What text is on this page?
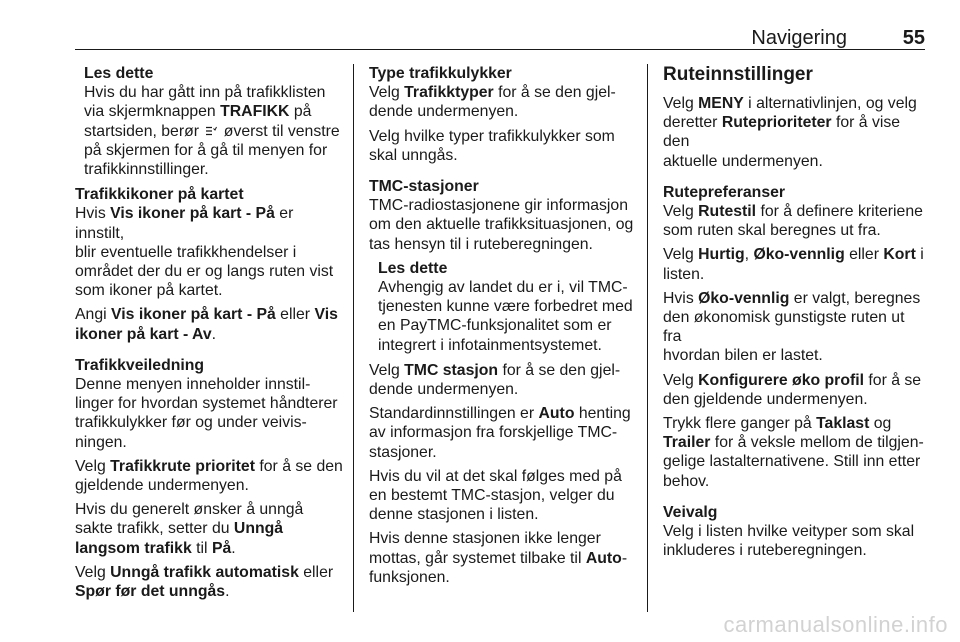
Navigering	55
Les dette
Hvis du har gått inn på trafikklisten
via skjermknappen TRAFIKK på
startsiden, berør øverst til venstre
på skjermen for å gå til menyen for
trafikkinnstillinger.
Trafikkikoner på kartet

Hvis Vis ikoner på kart - På er innstilt,
blir eventuelle trafikkhendelser i
området der du er og langs ruten vist
som ikoner på kartet.

Angi Vis ikoner på kart - På eller Vis
ikoner på kart - Av.

Trafikkveiledning

Denne menyen inneholder innstil-
linger for hvordan systemet håndterer
trafikkulykker før og under veivis-
ningen.

Velg Trafikkrute prioritet for å se den
gjeldende undermenyen.

Hvis du generelt ønsker å unngå
sakte trafikk, setter du Unngå
langsom trafikk til På.

Velg Unngå trafikk automatisk eller
Spør før det unngås.

Type trafikkulykker

Velg Trafikktyper for å se den gjel-
dende undermenyen.

Velg hvilke typer trafikkulykker som
skal unngås.

TMC-stasjoner

TMC-radiostasjonene gir informasjon
om den aktuelle trafikksituasjonen, og
tas hensyn til i ruteberegningen.

Les dette
Avhengig av landet du er i, vil TMC-
tjenesten kunne være forbedret med
en PayTMC-funksjonalitet som er
integrert i infotainmentsystemet.

Velg TMC stasjon for å se den gjel-
dende undermenyen.

Standardinnstillingen er Auto henting
av informasjon fra forskjellige TMC-
stasjoner.

Hvis du vil at det skal følges med på
en bestemt TMC-stasjon, velger du
denne stasjonen i listen.

Hvis denne stasjonen ikke lenger
mottas, går systemet tilbake til Auto-
funksjonen.

Ruteinnstillinger

Velg MENY i alternativlinjen, og velg
deretter Ruteprioriteter for å vise den
aktuelle undermenyen.

Rutepreferanser

Velg Rutestil for å definere kriteriene
som ruten skal beregnes ut fra.

Velg Hurtig, Øko-vennlig eller Kort i
listen.

Hvis Øko-vennlig er valgt, beregnes
den økonomisk gunstigste ruten ut fra
hvordan bilen er lastet.

Velg Konfigurere øko profil for å se
den gjeldende undermenyen.

Trykk flere ganger på Taklast og
Trailer for å veksle mellom de tilgjen-
gelige lastalternativene. Still inn etter
behov.

Veivalg

Velg i listen hvilke veityper som skal
inkluderes i ruteberegningen.

carmanualsonline.info
